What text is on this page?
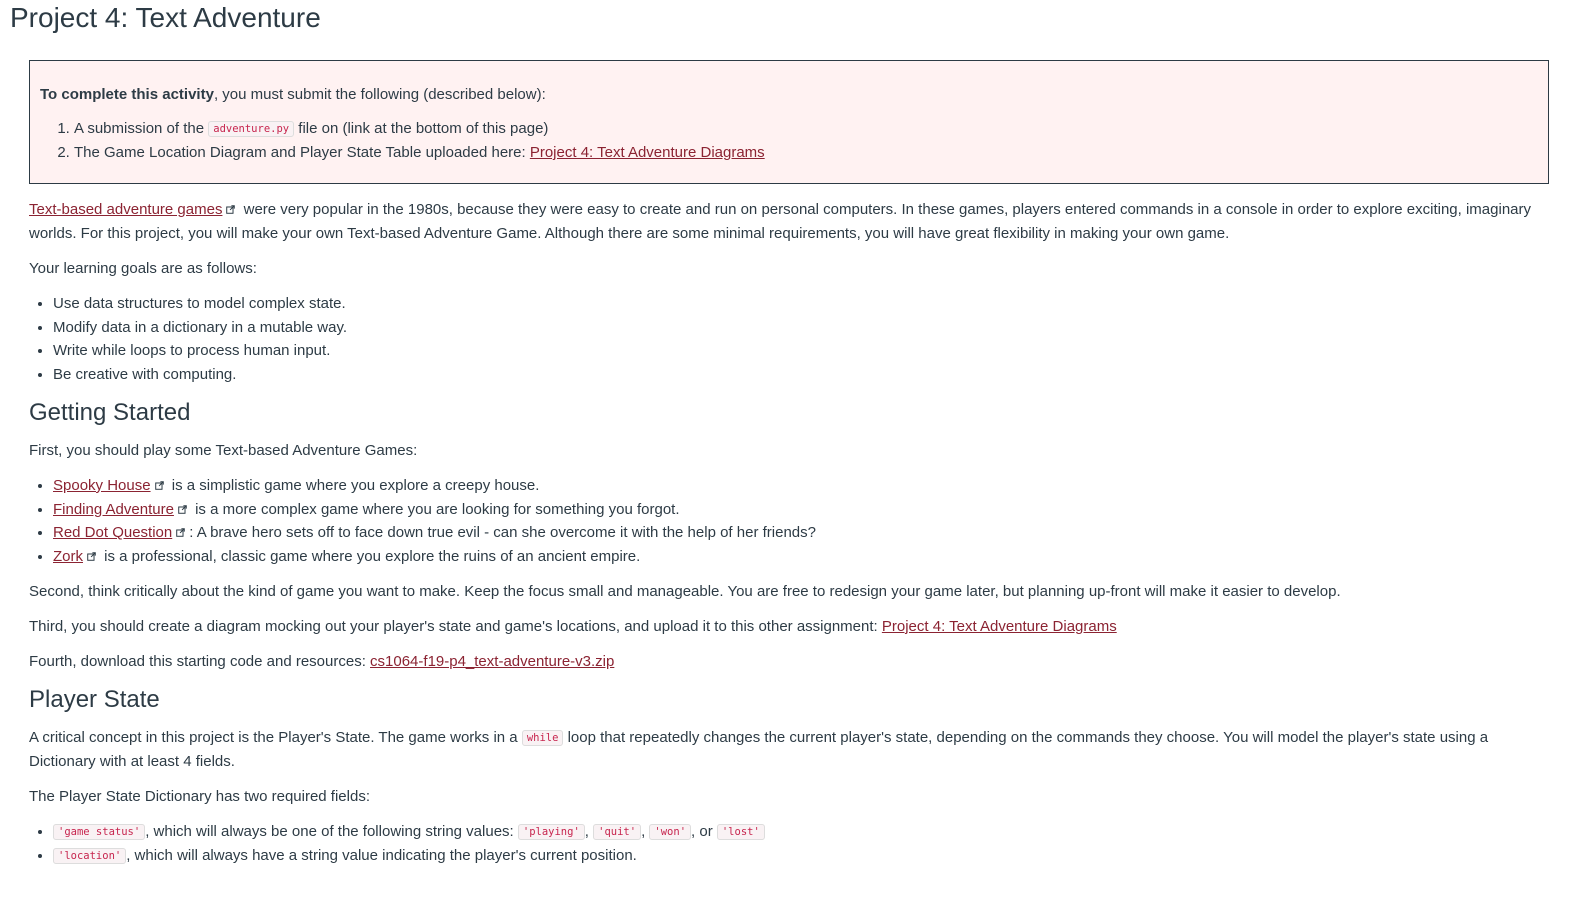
Project 4: Text Adventure

To complete this activity, you must submit the following (described below):

1. A submission of the adventure.py file on (link at the bottom of this page)
2. The Game Location Diagram and Player State Table uploaded here: Project 4: Text Adventure Diagrams

Text-based adventure games were very popular in the 1980s, because they were easy to create and run on personal computers. In these games, players entered commands in a console in order to explore exciting, imaginary worlds. For this project, you will make your own Text-based Adventure Game. Although there are some minimal requirements, you will have great flexibility in making your own game.

Your learning goals are as follows:

• Use data structures to model complex state.
• Modify data in a dictionary in a mutable way.
• Write while loops to process human input.
• Be creative with computing.
Getting Started

First, you should play some Text-based Adventure Games:

• Spooky House is a simplistic game where you explore a creepy house.
• Finding Adventure is a more complex game where you are looking for something you forgot.
• Red Dot Question : A brave hero sets off to face down true evil - can she overcome it with the help of her friends?
• Zork is a professional, classic game where you explore the ruins of an ancient empire.

Second, think critically about the kind of game you want to make. Keep the focus small and manageable. You are free to redesign your game later, but planning up-front will make it easier to develop.

Third, you should create a diagram mocking out your player's state and game's locations, and upload it to this other assignment: Project 4: Text Adventure Diagrams

Fourth, download this starting code and resources: cs1064-f19-p4_text-adventure-v3.zip

Player State

A critical concept in this project is the Player's State. The game works in a while loop that repeatedly changes the current player's state, depending on the commands they choose. You will model the player's state using a Dictionary with at least 4 fields.

The Player State Dictionary has two required fields:

• 'game status' , which will always be one of the following string values: 'playing' , 'quit' , 'won' , or 'lost'
• 'location' , which will always have a string value indicating the player's current position.
